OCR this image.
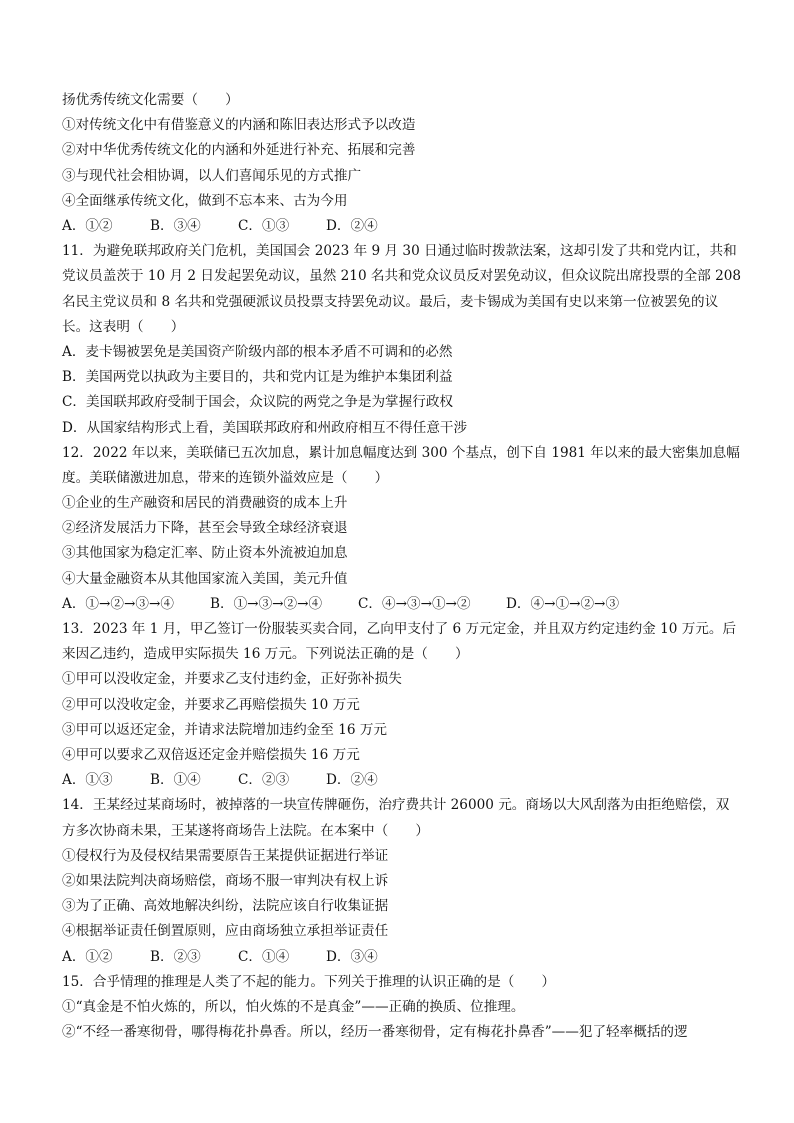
扬优秀传统文化需要（　　）
①对传统文化中有借鉴意义的内涵和陈旧表达形式予以改造
②对中华优秀传统文化的内涵和外延进行补充、拓展和完善
③与现代社会相协调，以人们喜闻乐见的方式推广
④全面继承传统文化，做到不忘本来、古为今用
A．①②	B．③④	C．①③	D．②④
11．为避免联邦政府关门危机，美国国会 2023 年 9 月 30 日通过临时拨款法案，这却引发了共和党内讧，共和党议员盖茨于 10 月 2 日发起罢免动议，虽然 210 名共和党众议员反对罢免动议，但众议院出席投票的全部 208 名民主党议员和 8 名共和党强硬派议员投票支持罢免动议。最后，麦卡锡成为美国有史以来第一位被罢免的议长。这表明（　　）
A．麦卡锡被罢免是美国资产阶级内部的根本矛盾不可调和的必然
B．美国两党以执政为主要目的，共和党内讧是为维护本集团利益
C．美国联邦政府受制于国会，众议院的两党之争是为掌握行政权
D．从国家结构形式上看，美国联邦政府和州政府相互不得任意干涉
12．2022 年以来，美联储已五次加息，累计加息幅度达到 300 个基点，创下自 1981 年以来的最大密集加息幅度。美联储激进加息，带来的连锁外溢效应是（　　）
①企业的生产融资和居民的消费融资的成本上升
②经济发展活力下降，甚至会导致全球经济衰退
③其他国家为稳定汇率、防止资本外流被迫加息
④大量金融资本从其他国家流入美国，美元升值
A．①→②→③→④	B．①→③→②→④	C．④→③→①→②	D．④→①→②→③
13．2023 年 1 月，甲乙签订一份服装买卖合同，乙向甲支付了 6 万元定金，并且双方约定违约金 10 万元。后来因乙违约，造成甲实际损失 16 万元。下列说法正确的是（　　）
①甲可以没收定金，并要求乙支付违约金，正好弥补损失
②甲可以没收定金，并要求乙再赔偿损失 10 万元
③甲可以返还定金，并请求法院增加违约金至 16 万元
④甲可以要求乙双倍返还定金并赔偿损失 16 万元
A．①③	B．①④	C．②③	D．②④
14．王某经过某商场时，被掉落的一块宣传牌砸伤，治疗费共计 26000 元。商场以大风刮落为由拒绝赔偿，双方多次协商未果，王某遂将商场告上法院。在本案中（　　）
①侵权行为及侵权结果需要原告王某提供证据进行举证
②如果法院判决商场赔偿，商场不服一审判决有权上诉
③为了正确、高效地解决纠纷，法院应该自行收集证据
④根据举证责任倒置原则，应由商场独立承担举证责任
A．①②	B．②③	C．①④	D．③④
15．合乎情理的推理是人类了不起的能力。下列关于推理的认识正确的是（　　）
①“真金是不怕火炼的，所以，怕火炼的不是真金”——正确的换质、位推理。
②“不经一番寒彻骨，哪得梅花扑鼻香。所以，经历一番寒彻骨，定有梅花扑鼻香”——犯了轻率概括的逻
